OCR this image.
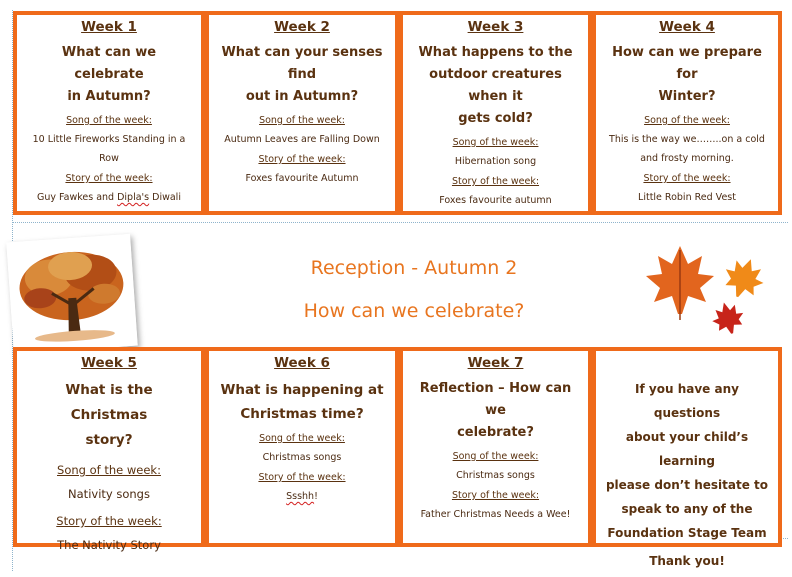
Week 1
What can we celebrate
in Autumn?
Song of the week:
10 Little Fireworks Standing in a
Row
Story of the week:
Guy Fawkes and Dipla's Diwali
Week 2
What can your senses find
out in Autumn?
Song of the week:
Autumn Leaves are Falling Down
Story of the week:
Foxes favourite Autumn
Week 3
What happens to the
outdoor creatures when it
gets cold?
Song of the week:
Hibernation song
Story of the week:
Foxes favourite autumn
Week 4
How can we prepare for
Winter?
Song of the week:
This is the way we……..on a cold
and frosty morning.
Story of the week:
Little Robin Red Vest
Reception - Autumn 2
How can we celebrate?
Week 5
What is the Christmas
story?
Song of the week:
Nativity songs
Story of the week:
The Nativity Story
Week 6
What is happening at
Christmas time?
Song of the week:
Christmas songs
Story of the week:
Ssshh!
Week 7
Reflection – How can we
celebrate?
Song of the week:
Christmas songs
Story of the week:
Father Christmas Needs a Wee!
If you have any questions
about your child’s learning
please don’t hesitate to
speak to any of the
Foundation Stage Team
Thank you!
